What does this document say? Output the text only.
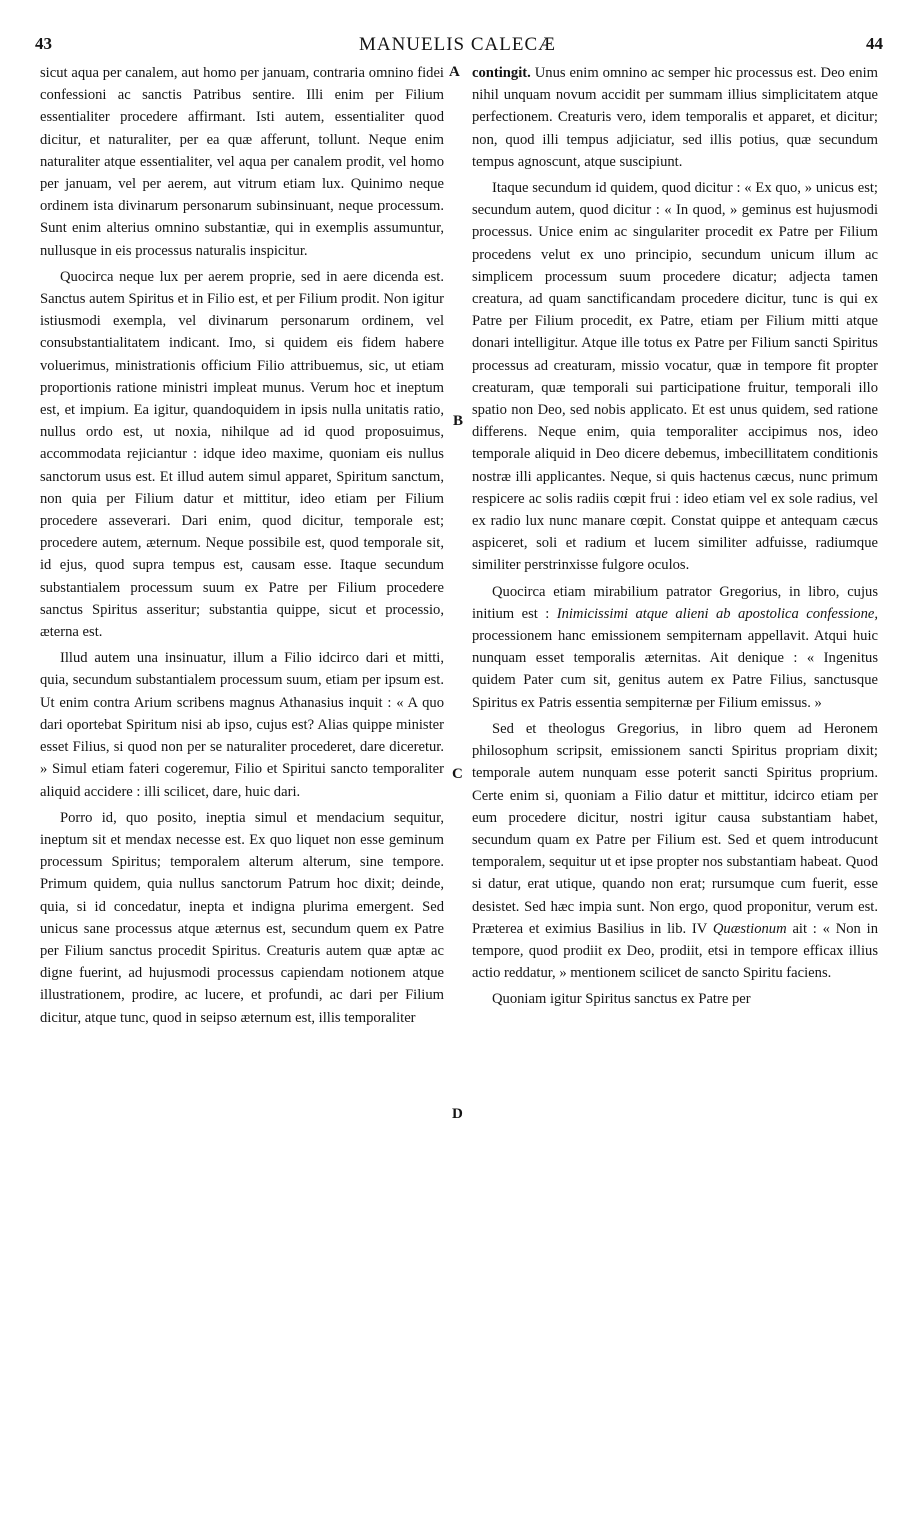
43	MANUELIS CALECÆ	44

sicut aqua per canalem, aut homo per januam, contraria omnino fidei confessioni ac sanctis Patribus sentire. Illi enim per Filium essentialiter procedere affirmant. Isti autem, essentialiter quod dicitur, et naturaliter, per ea quæ afferunt, tollunt. Neque enim naturaliter atque essentialiter, vel aqua per canalem prodit, vel homo per januam, vel per aerem, aut vitrum etiam lux. Quinimo neque ordinem ista divinarum personarum subinsinuant, neque processum. Sunt enim alterius omnino substantiæ, qui in exemplis assumuntur, nullusque in eis processus naturalis inspicitur.

Quocirca neque lux per aerem proprie, sed in aere dicenda est. Sanctus autem Spiritus et in Filio est, et per Filium prodit. Non igitur istiusmodi exempla, vel divinarum personarum ordinem, vel consubstantialitatem indicant. Imo, si quidem eis fidem habere voluerimus, ministrationis officium Filio attribuemus, sic, ut etiam proportionis ratione ministri impleat munus. Verum hoc et ineptum est, et impium. Ea igitur, quandoquidem in ipsis nulla unitatis ratio, nullus ordo est, ut noxia, nihilque ad id quod proposuimus, accommodata rejiciantur : idque ideo maxime, quoniam eis nullus sanctorum usus est. Et illud autem simul apparet, Spiritum sanctum, non quia per Filium datur et mittitur, ideo etiam per Filium procedere asseverari. Dari enim, quod dicitur, temporale est; procedere autem, æternum. Neque possibile est, quod temporale sit, id ejus, quod supra tempus est, causam esse. Itaque secundum substantialem processum suum ex Patre per Filium procedere sanctus Spiritus asseritur; substantia quippe, sicut et processio, æterna est.

Illud autem una insinuatur, illum a Filio idcirco dari et mitti, quia, secundum substantialem processum suum, etiam per ipsum est. Ut enim contra Arium scribens magnus Athanasius inquit : « A quo dari oportebat Spiritum nisi ab ipso, cujus est? Alias quippe minister esset Filius, si quod non per se naturaliter procederet, dare diceretur. » Simul etiam fateri cogeremur, Filio et Spiritui sancto temporaliter aliquid accidere : illi scilicet, dare, huic dari.

Porro id, quo posito, ineptia simul et mendacium sequitur, ineptum sit et mendax necesse est. Ex quo liquet non esse geminum processum Spiritus; temporalem alterum alterum, sine tempore. Primum quidem, quia nullus sanctorum Patrum hoc dixit; deinde, quia, si id concedatur, inepta et indigna plurima emergent. Sed unicus sane processus atque æternus est, secundum quem ex Patre per Filium sanctus procedit Spiritus. Creaturis autem quæ aptæ ac digne fuerint, ad hujusmodi processus capiendam notionem atque illustrationem, prodire, ac lucere, et profundi, ac dari per Filium dicitur, atque tunc, quod in seipso æternum est, illis temporaliter

A
B
C
D

contingit. Unus enim omnino ac semper hic processus est. Deo enim nihil unquam novum accidit per summam illius simplicitatem atque perfectionem. Creaturis vero, idem temporalis et apparet, et dicitur; non, quod illi tempus adjiciatur, sed illis potius, quæ secundum tempus agnoscunt, atque suscipiunt.

Itaque secundum id quidem, quod dicitur : « Ex quo, » unicus est; secundum autem, quod dicitur : « In quod, » geminus est hujusmodi processus. Unice enim ac singulariter procedit ex Patre per Filium procedens velut ex uno principio, secundum unicum illum ac simplicem processum suum procedere dicatur; adjecta tamen creatura, ad quam sanctificandam procedere dicitur, tunc is qui ex Patre per Filium procedit, ex Patre, etiam per Filium mitti atque donari intelligitur. Atque ille totus ex Patre per Filium sancti Spiritus processus ad creaturam, missio vocatur, quæ in tempore fit propter creaturam, quæ temporali sui participatione fruitur, temporali illo spatio non Deo, sed nobis applicato. Et est unus quidem, sed ratione differens. Neque enim, quia temporaliter accipimus nos, ideo temporale aliquid in Deo dicere debemus, imbecillitatem conditionis nostræ illi applicantes. Neque, si quis hactenus cæcus, nunc primum respicere ac solis radiis cœpit frui : ideo etiam vel ex sole radius, vel ex radio lux nunc manare cœpit. Constat quippe et antequam cæcus aspiceret, soli et radium et lucem similiter adfuisse, radiumque similiter perstrinxisse fulgore oculos.

Quocirca etiam mirabilium patrator Gregorius, in libro, cujus initium est : Inimicissimi atque alieni ab apostolica confessione, processionem hanc emissionem sempiternam appellavit. Atqui huic nunquam esset temporalis æternitas. Ait denique : « Ingenitus quidem Pater cum sit, genitus autem ex Patre Filius, sanctusque Spiritus ex Patris essentia sempiternæ per Filium emissus. »

Sed et theologus Gregorius, in libro quem ad Heronem philosophum scripsit, emissionem sancti Spiritus propriam dixit; temporale autem nunquam esse poterit sancti Spiritus proprium. Certe enim si, quoniam a Filio datur et mittitur, idcirco etiam per eum procedere dicitur, nostri igitur causa substantiam habet, secundum quam ex Patre per Filium est. Sed et quem introducunt temporalem, sequitur ut et ipse propter nos substantiam habeat. Quod si datur, erat utique, quando non erat; rursumque cum fuerit, esse desistet. Sed hæc impia sunt. Non ergo, quod proponitur, verum est. Præterea et eximius Basilius in lib. IV Quæstionum ait : « Non in tempore, quod prodiit ex Deo, prodiit, etsi in tempore efficax illius actio reddatur, » mentionem scilicet de sancto Spiritu faciens.

Quoniam igitur Spiritus sanctus ex Patre per
